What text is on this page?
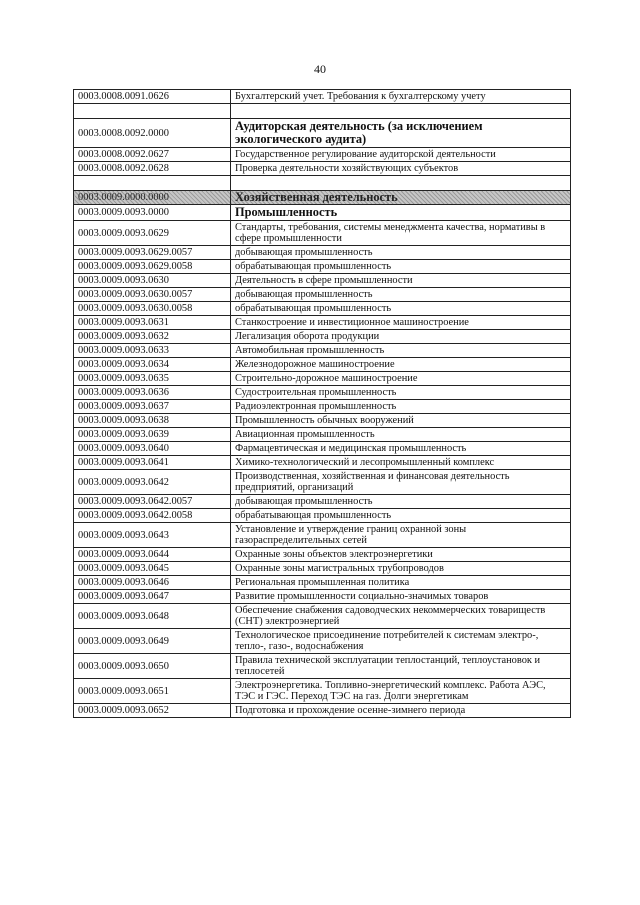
40
0003.0008.0091.0626	Бухгалтерский учет. Требования к бухгалтерскому учету

0003.0008.0092.0000	Аудиторская деятельность (за исключением экологического аудита)
0003.0008.0092.0627	Государственное регулирование аудиторской деятельности
0003.0008.0092.0628	Проверка деятельности хозяйствующих субъектов

0003.0009.0000.0000	Хозяйственная деятельность
0003.0009.0093.0000	Промышленность
0003.0009.0093.0629	Стандарты, требования, системы менеджмента качества, нормативы в сфере промышленности
0003.0009.0093.0629.0057	добывающая промышленность
0003.0009.0093.0629.0058	обрабатывающая промышленность
0003.0009.0093.0630	Деятельность в сфере промышленности
0003.0009.0093.0630.0057	добывающая промышленность
0003.0009.0093.0630.0058	обрабатывающая промышленность
0003.0009.0093.0631	Станкостроение и инвестиционное машиностроение
0003.0009.0093.0632	Легализация оборота продукции
0003.0009.0093.0633	Автомобильная промышленность
0003.0009.0093.0634	Железнодорожное машиностроение
0003.0009.0093.0635	Строительно-дорожное машиностроение
0003.0009.0093.0636	Судостроительная промышленность
0003.0009.0093.0637	Радиоэлектронная промышленность
0003.0009.0093.0638	Промышленность обычных вооружений
0003.0009.0093.0639	Авиационная промышленность
0003.0009.0093.0640	Фармацевтическая и медицинская промышленность
0003.0009.0093.0641	Химико-технологический и лесопромышленный комплекс
0003.0009.0093.0642	Производственная, хозяйственная и финансовая деятельность предприятий, организаций
0003.0009.0093.0642.0057	добывающая промышленность
0003.0009.0093.0642.0058	обрабатывающая промышленность
0003.0009.0093.0643	Установление и утверждение границ охранной зоны газораспределительных сетей
0003.0009.0093.0644	Охранные зоны объектов электроэнергетики
0003.0009.0093.0645	Охранные зоны магистральных трубопроводов
0003.0009.0093.0646	Региональная промышленная политика
0003.0009.0093.0647	Развитие промышленности социально-значимых товаров
0003.0009.0093.0648	Обеспечение снабжения садоводческих некоммерческих товариществ (СНТ) электроэнергией
0003.0009.0093.0649	Технологическое присоединение потребителей к системам электро-, тепло-, газо-, водоснабжения
0003.0009.0093.0650	Правила технической эксплуатации теплостанций, теплоустановок и теплосетей
0003.0009.0093.0651	Электроэнергетика. Топливно-энергетический комплекс. Работа АЭС, ТЭС и ГЭС. Переход ТЭС на газ. Долги энергетикам
0003.0009.0093.0652	Подготовка и прохождение осенне-зимнего периода
